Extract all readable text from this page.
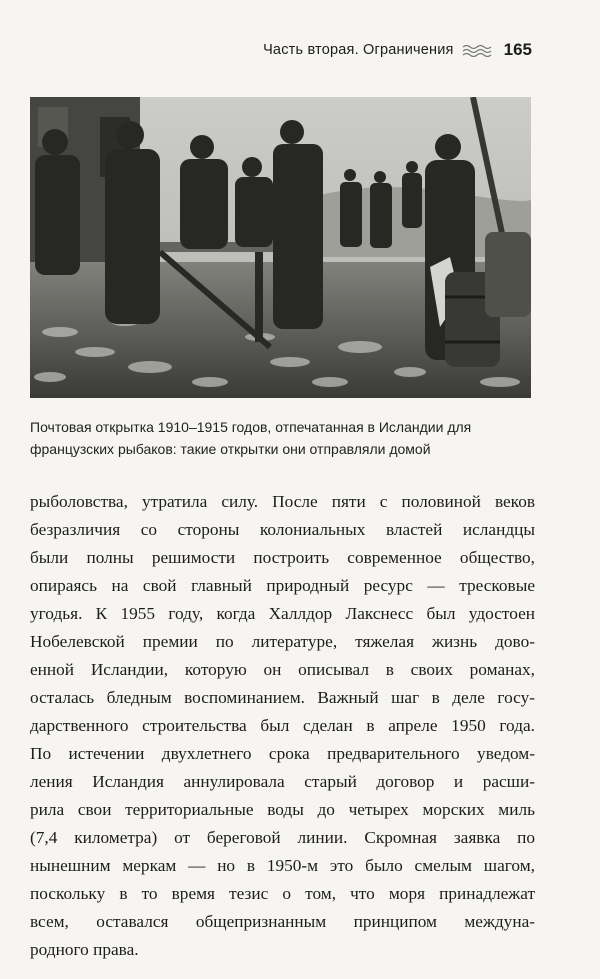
Часть вторая. Ограничения	165
Почтовая открытка 1910–1915 годов, отпечатанная в Исландии для
французских рыбаков: такие открытки они отправляли домой
рыболовства, утратила силу. После пяти с половиной веков
безразличия со стороны колониальных властей исландцы
были полны решимости построить современное общество,
опираясь на свой главный природный ресурс — тресковые
угодья. К 1955 году, когда Халлдор Лакснесс был удостоен
Нобелевской премии по литературе, тяжелая жизнь дово-
енной Исландии, которую он описывал в своих романах,
осталась бледным воспоминанием. Важный шаг в деле госу-
дарственного строительства был сделан в апреле 1950 года.
По истечении двухлетнего срока предварительного уведом-
ления Исландия аннулировала старый договор и расши-
рила свои территориальные воды до четырех морских миль
(7,4 километра) от береговой линии. Скромная заявка по
нынешним меркам — но в 1950-м это было смелым шагом,
поскольку в то время тезис о том, что моря принадлежат
всем, оставался общепризнанным принципом междуна-
родного права.
